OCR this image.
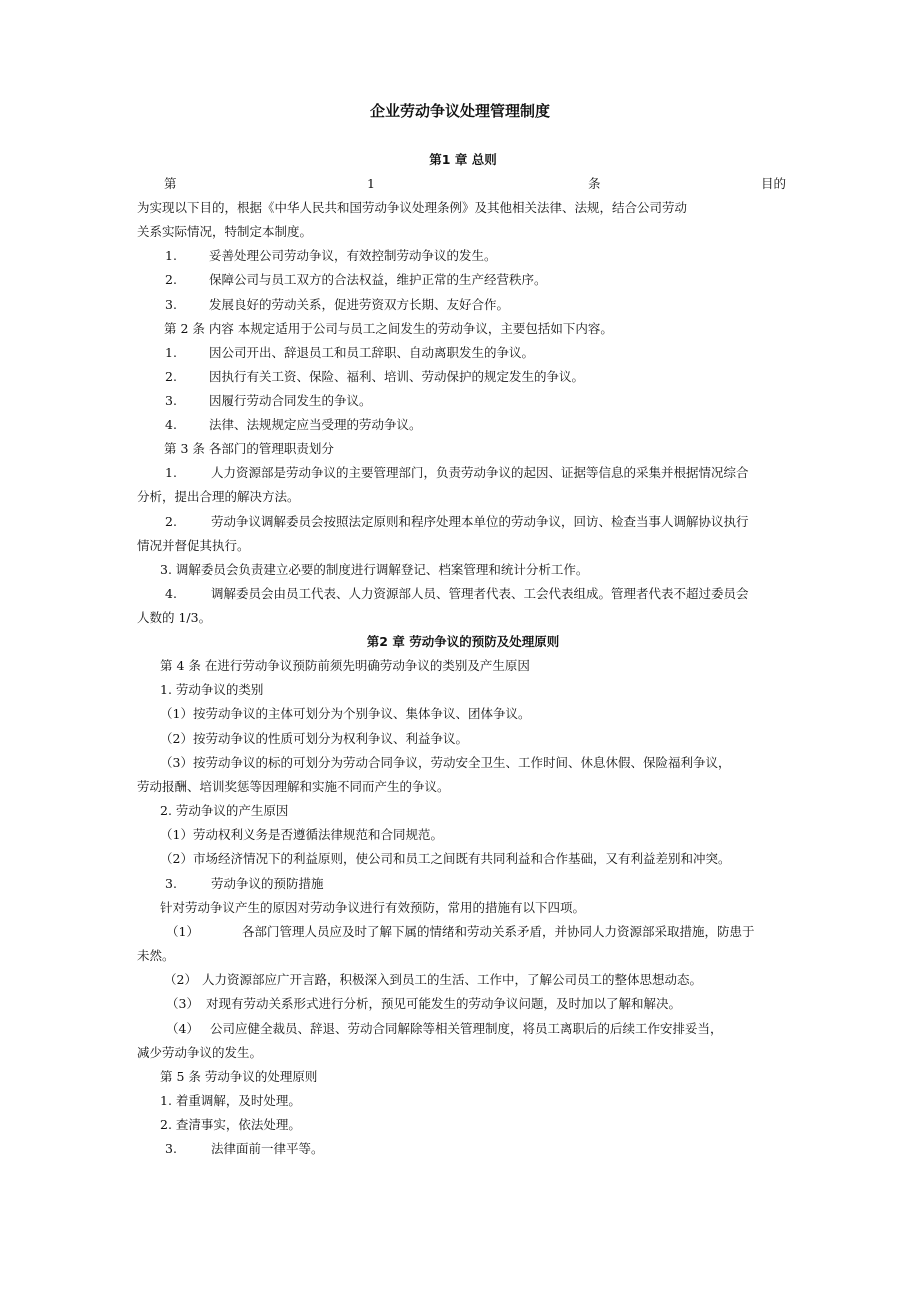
企业劳动争议处理管理制度
第1 章 总则
第	1	条	目的
为实现以下目的，根据《中华人民共和国劳动争议处理条例》及其他相关法律、法规，结合公司劳动
关系实际情况，特制定本制度。
1.	妥善处理公司劳动争议，有效控制劳动争议的发生。
2.	保障公司与员工双方的合法权益，维护正常的生产经营秩序。
3.	发展良好的劳动关系，促进劳资双方长期、友好合作。
第 2 条 内容 本规定适用于公司与员工之间发生的劳动争议，主要包括如下内容。
1.	因公司开出、辞退员工和员工辞职、自动离职发生的争议。
2.	因执行有关工资、保险、福利、培训、劳动保护的规定发生的争议。
3.	因履行劳动合同发生的争议。
4.	法律、法规规定应当受理的劳动争议。
第 3 条 各部门的管理职责划分
1.	人力资源部是劳动争议的主要管理部门，负责劳动争议的起因、证据等信息的采集并根据情况综合
分析，提出合理的解决方法。
2.	劳动争议调解委员会按照法定原则和程序处理本单位的劳动争议，回访、检查当事人调解协议执行
情况并督促其执行。
3. 调解委员会负责建立必要的制度进行调解登记、档案管理和统计分析工作。
4.	调解委员会由员工代表、人力资源部人员、管理者代表、工会代表组成。管理者代表不超过委员会
人数的 1/3。
第2 章 劳动争议的预防及处理原则
第 4 条 在进行劳动争议预防前须先明确劳动争议的类别及产生原因
1. 劳动争议的类别
（1）按劳动争议的主体可划分为个别争议、集体争议、团体争议。
（2）按劳动争议的性质可划分为权利争议、利益争议。
（3）按劳动争议的标的可划分为劳动合同争议，劳动安全卫生、工作时间、休息休假、保险福利争议，
劳动报酬、培训奖惩等因理解和实施不同而产生的争议。
2. 劳动争议的产生原因
（1）劳动权利义务是否遵循法律规范和合同规范。
（2）市场经济情况下的利益原则，使公司和员工之间既有共同利益和合作基础，又有利益差别和冲突。
3.	劳动争议的预防措施
针对劳动争议产生的原因对劳动争议进行有效预防，常用的措施有以下四项。
（1）	各部门管理人员应及时了解下属的情绪和劳动关系矛盾，并协同人力资源部采取措施，防患于
未然。
（2） 人力资源部应广开言路，积极深入到员工的生活、工作中，了解公司员工的整体思想动态。
（3） 对现有劳动关系形式进行分析，预见可能发生的劳动争议问题，及时加以了解和解决。
（4） 公司应健全裁员、辞退、劳动合同解除等相关管理制度，将员工离职后的后续工作安排妥当，
减少劳动争议的发生。
第 5 条 劳动争议的处理原则
1. 着重调解，及时处理。
2. 查清事实，依法处理。
3.	法律面前一律平等。
